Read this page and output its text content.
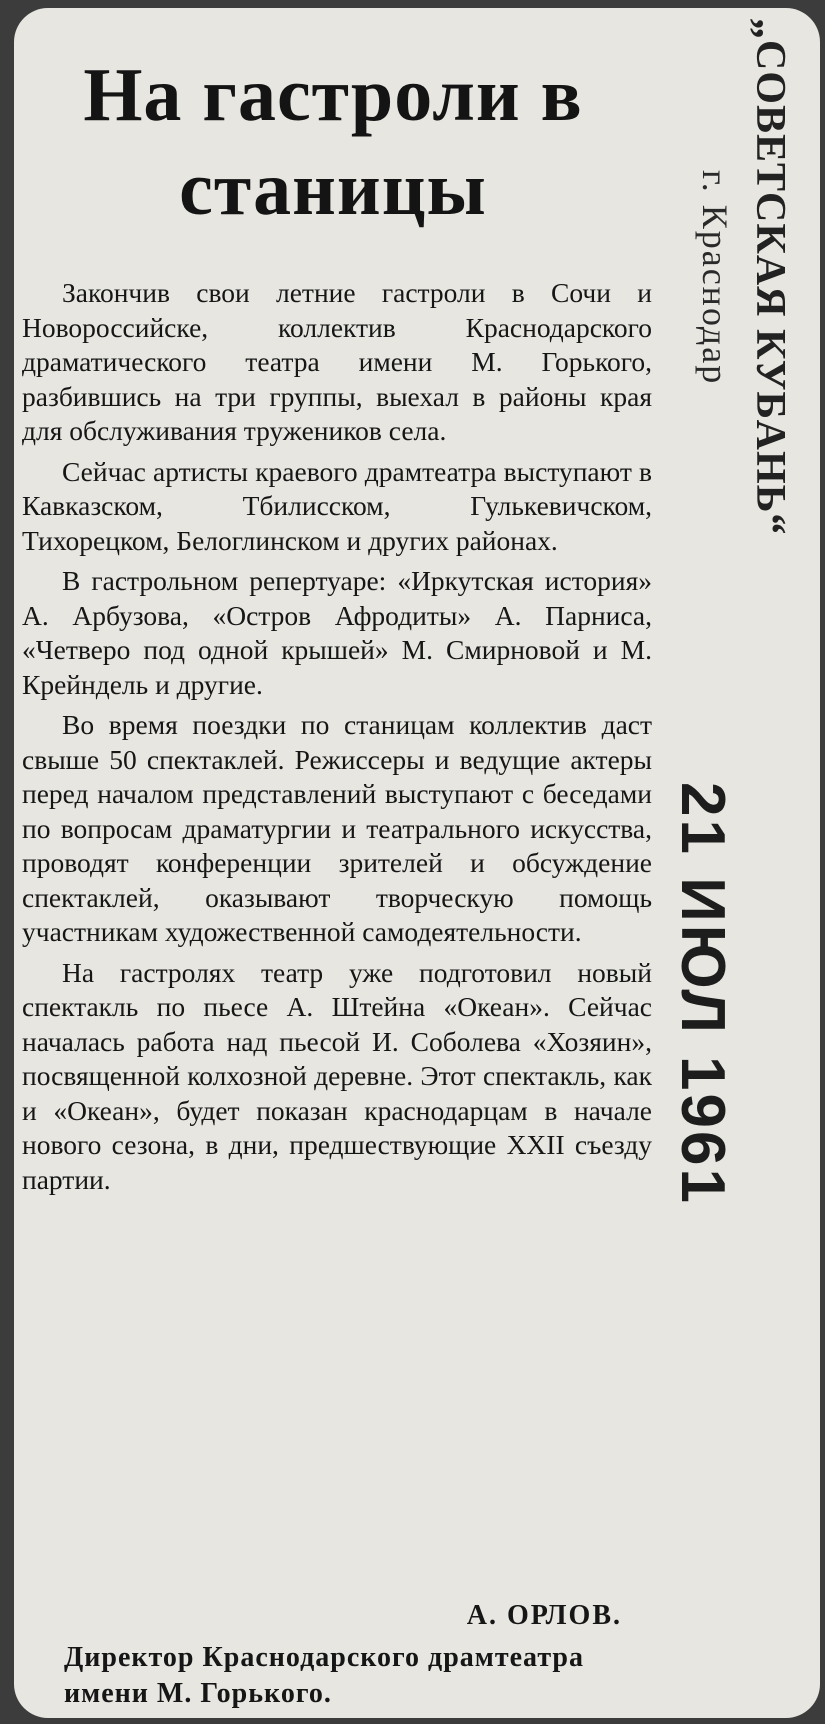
На гастроли в станицы

Закончив свои летние гастроли в Сочи и Новороссийске, коллектив Краснодарского драматического театра имени М. Горького, разбившись на три группы, выехал в районы края для обслуживания тружеников села.

Сейчас артисты краевого драмтеатра выступают в Кавказском, Тбилисском, Гулькевичском, Тихорецком, Белоглинском и других районах.

В гастрольном репертуаре: «Иркутская история» А. Арбузова, «Остров Афродиты» А. Парниса, «Четверо под одной крышей» М. Смирновой и М. Крейндель и другие.

Во время поездки по станицам коллектив даст свыше 50 спектаклей. Режиссеры и ведущие актеры перед началом представлений выступают с беседами по вопросам драматургии и театрального искусства, проводят конференции зрителей и обсуждение спектаклей, оказывают творческую помощь участникам художественной самодеятельности.

На гастролях театр уже подготовил новый спектакль по пьесе А. Штейна «Океан». Сейчас началась работа над пьесой И. Соболева «Хозяин», посвященной колхозной деревне. Этот спектакль, как и «Океан», будет показан краснодарцам в начале нового сезона, в дни, предшествующие XXII съезду партии.

А. ОРЛОВ.
Директор Краснодарского драмтеатра имени М. Горького.
„СОВЕТСКАЯ КУБАНЬ“
г. Краснодар
21 ИЮЛ 1961
